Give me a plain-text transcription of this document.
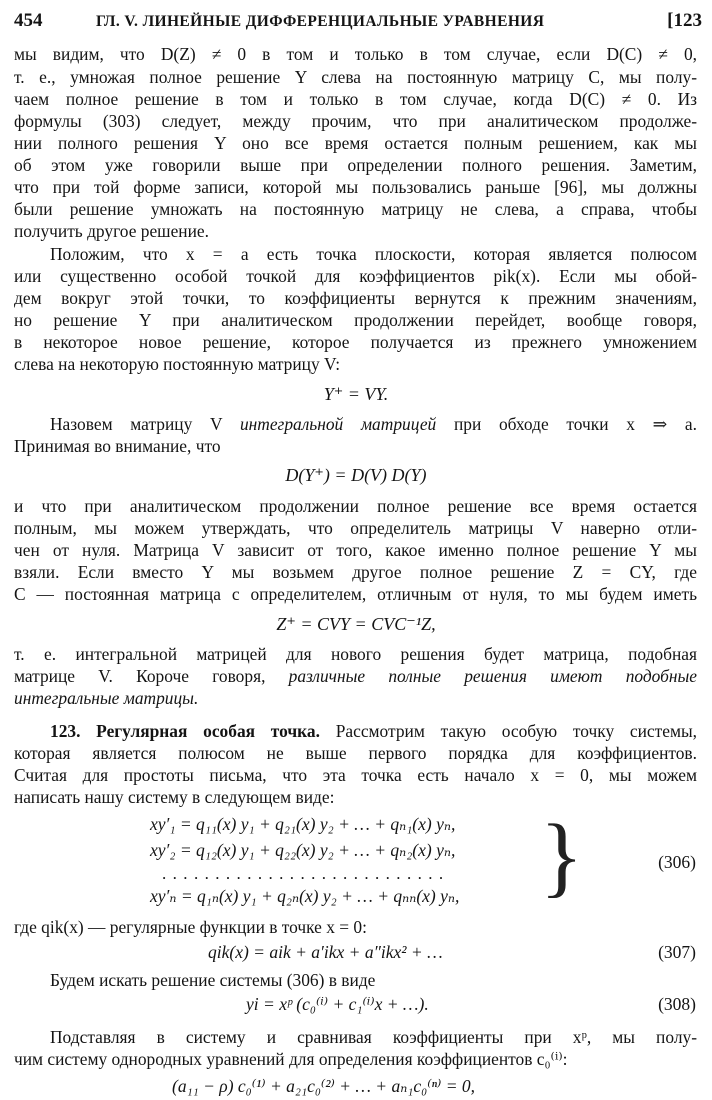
454	ГЛ. V. ЛИНЕЙНЫЕ ДИФФЕРЕНЦИАЛЬНЫЕ УРАВНЕНИЯ	[123
мы видим, что D(Z) ≠ 0 в том и только в том случае, если D(C) ≠ 0,
т. е., умножая полное решение Y слева на постоянную матрицу C, мы полу-
чаем полное решение в том и только в том случае, когда D(C) ≠ 0. Из
формулы (303) следует, между прочим, что при аналитическом продолже-
нии полного решения Y оно все время остается полным решением, как мы
об этом уже говорили выше при определении полного решения. Заметим,
что при той форме записи, которой мы пользовались раньше [96], мы должны
были решение умножать на постоянную матрицу не слева, а справа, чтобы
получить другое решение.
Положим, что x = a есть точка плоскости, которая является полюсом
или существенно особой точкой для коэффициентов pik(x). Если мы обой-
дем вокруг этой точки, то коэффициенты вернутся к прежним значениям,
но решение Y при аналитическом продолжении перейдет, вообще говоря,
в некоторое новое решение, которое получается из прежнего умножением
слева на некоторую постоянную матрицу V:
Y⁺ = VY.
Назовем матрицу V интегральной матрицей при обходе точки x ⇒ a.
Принимая во внимание, что
D(Y⁺) = D(V) D(Y)
и что при аналитическом продолжении полное решение все время остается
полным, мы можем утверждать, что определитель матрицы V наверно отли-
чен от нуля. Матрица V зависит от того, какое именно полное решение Y мы
взяли. Если вместо Y мы возьмем другое полное решение Z = CY, где
C — постоянная матрица с определителем, отличным от нуля, то мы будем иметь
Z⁺ = CVY = CVC⁻¹Z,
т. е. интегральной матрицей для нового решения будет матрица, подобная
матрице V. Короче говоря, различные полные решения имеют подобные
интегральные матрицы.
123. Регулярная особая точка. Рассмотрим такую особую точку системы,
которая является полюсом не выше первого порядка для коэффициентов.
Считая для простоты письма, что эта точка есть начало x = 0, мы можем
написать нашу систему в следующем виде:
xy′₁ = q₁₁(x) y₁ + q₂₁(x) y₂ + … + qₙ₁(x) yₙ,
xy′₂ = q₁₂(x) y₁ + q₂₂(x) y₂ + … + qₙ₂(x) yₙ,
...........................
xy′ₙ = q₁ₙ(x) y₁ + q₂ₙ(x) y₂ + … + qₙₙ(x) yₙ, }	(306)
где qik(x) — регулярные функции в точке x = 0:
qik(x) = aik + a′ikx + a″ikx² + …	(307)
Будем искать решение системы (306) в виде
yi = xᵖ (c₀⁽ⁱ⁾ + c₁⁽ⁱ⁾x + …).	(308)
Подставляя в систему и сравнивая коэффициенты при xᵖ, мы полу-
чим систему однородных уравнений для определения коэффициентов c₀⁽ⁱ⁾:
(a₁₁ − ρ) c₀⁽¹⁾ + a₂₁c₀⁽²⁾ + … + aₙ₁c₀⁽ⁿ⁾ = 0,
